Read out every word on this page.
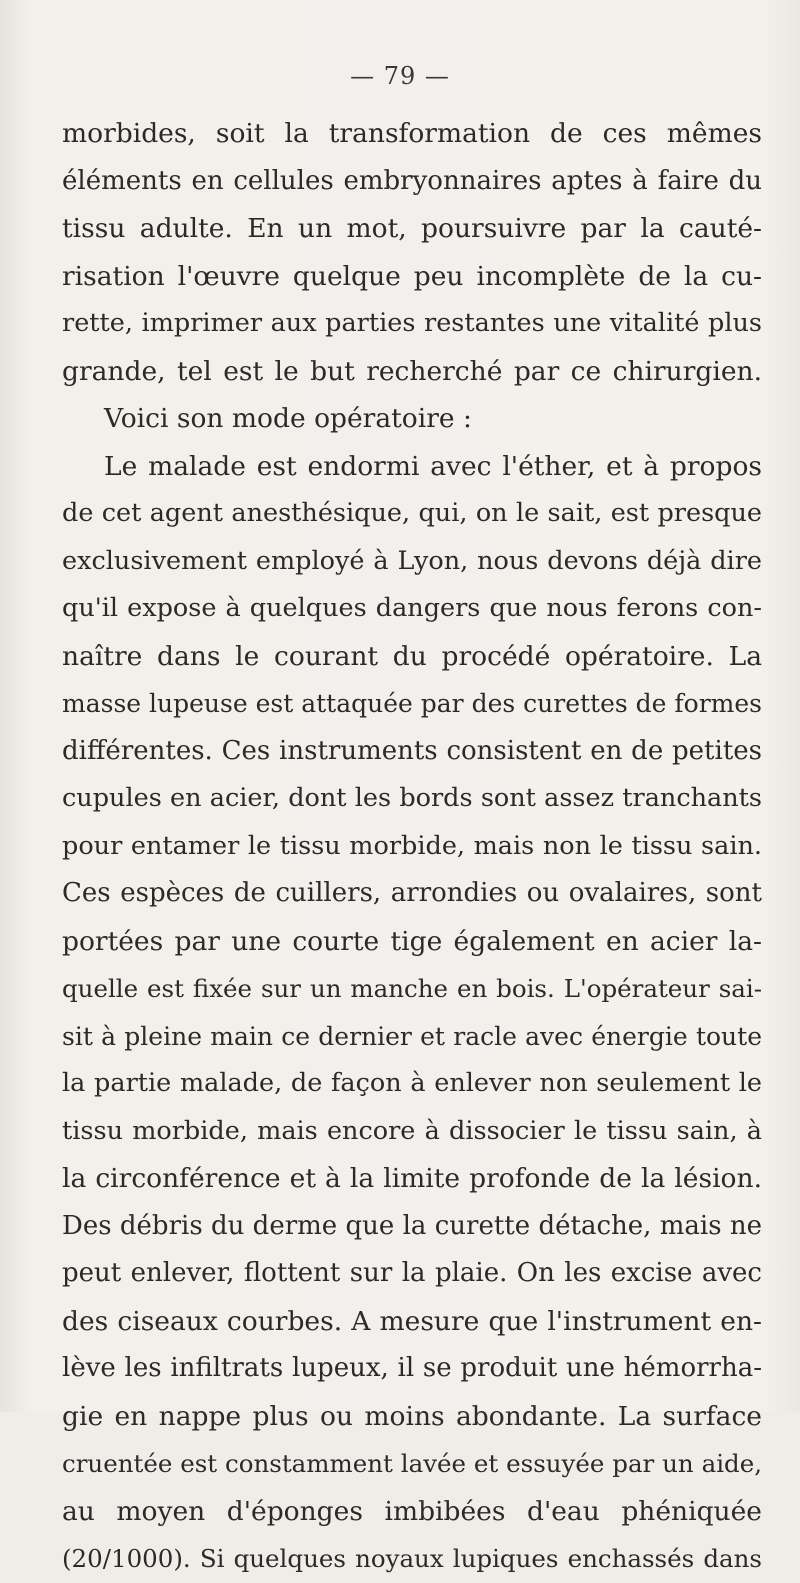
— 79 —
morbides, soit la transformation de ces mêmes
éléments en cellules embryonnaires aptes à faire du
tissu adulte. En un mot, poursuivre par la cauté-
risation l'œuvre quelque peu incomplète de la cu-
rette, imprimer aux parties restantes une vitalité plus
grande, tel est le but recherché par ce chirurgien.
Voici son mode opératoire :
Le malade est endormi avec l'éther, et à propos
de cet agent anesthésique, qui, on le sait, est presque
exclusivement employé à Lyon, nous devons déjà dire
qu'il expose à quelques dangers que nous ferons con-
naître dans le courant du procédé opératoire. La
masse lupeuse est attaquée par des curettes de formes
différentes. Ces instruments consistent en de petites
cupules en acier, dont les bords sont assez tranchants
pour entamer le tissu morbide, mais non le tissu sain.
Ces espèces de cuillers, arrondies ou ovalaires, sont
portées par une courte tige également en acier la-
quelle est fixée sur un manche en bois. L'opérateur sai-
sit à pleine main ce dernier et racle avec énergie toute
la partie malade, de façon à enlever non seulement le
tissu morbide, mais encore à dissocier le tissu sain, à
la circonférence et à la limite profonde de la lésion.
Des débris du derme que la curette détache, mais ne
peut enlever, flottent sur la plaie. On les excise avec
des ciseaux courbes. A mesure que l'instrument en-
lève les infiltrats lupeux, il se produit une hémorrha-
gie en nappe plus ou moins abondante. La surface
cruentée est constamment lavée et essuyée par un aide,
au moyen d'éponges imbibées d'eau phéniquée
(20/1000). Si quelques noyaux lupiques enchassés dans
